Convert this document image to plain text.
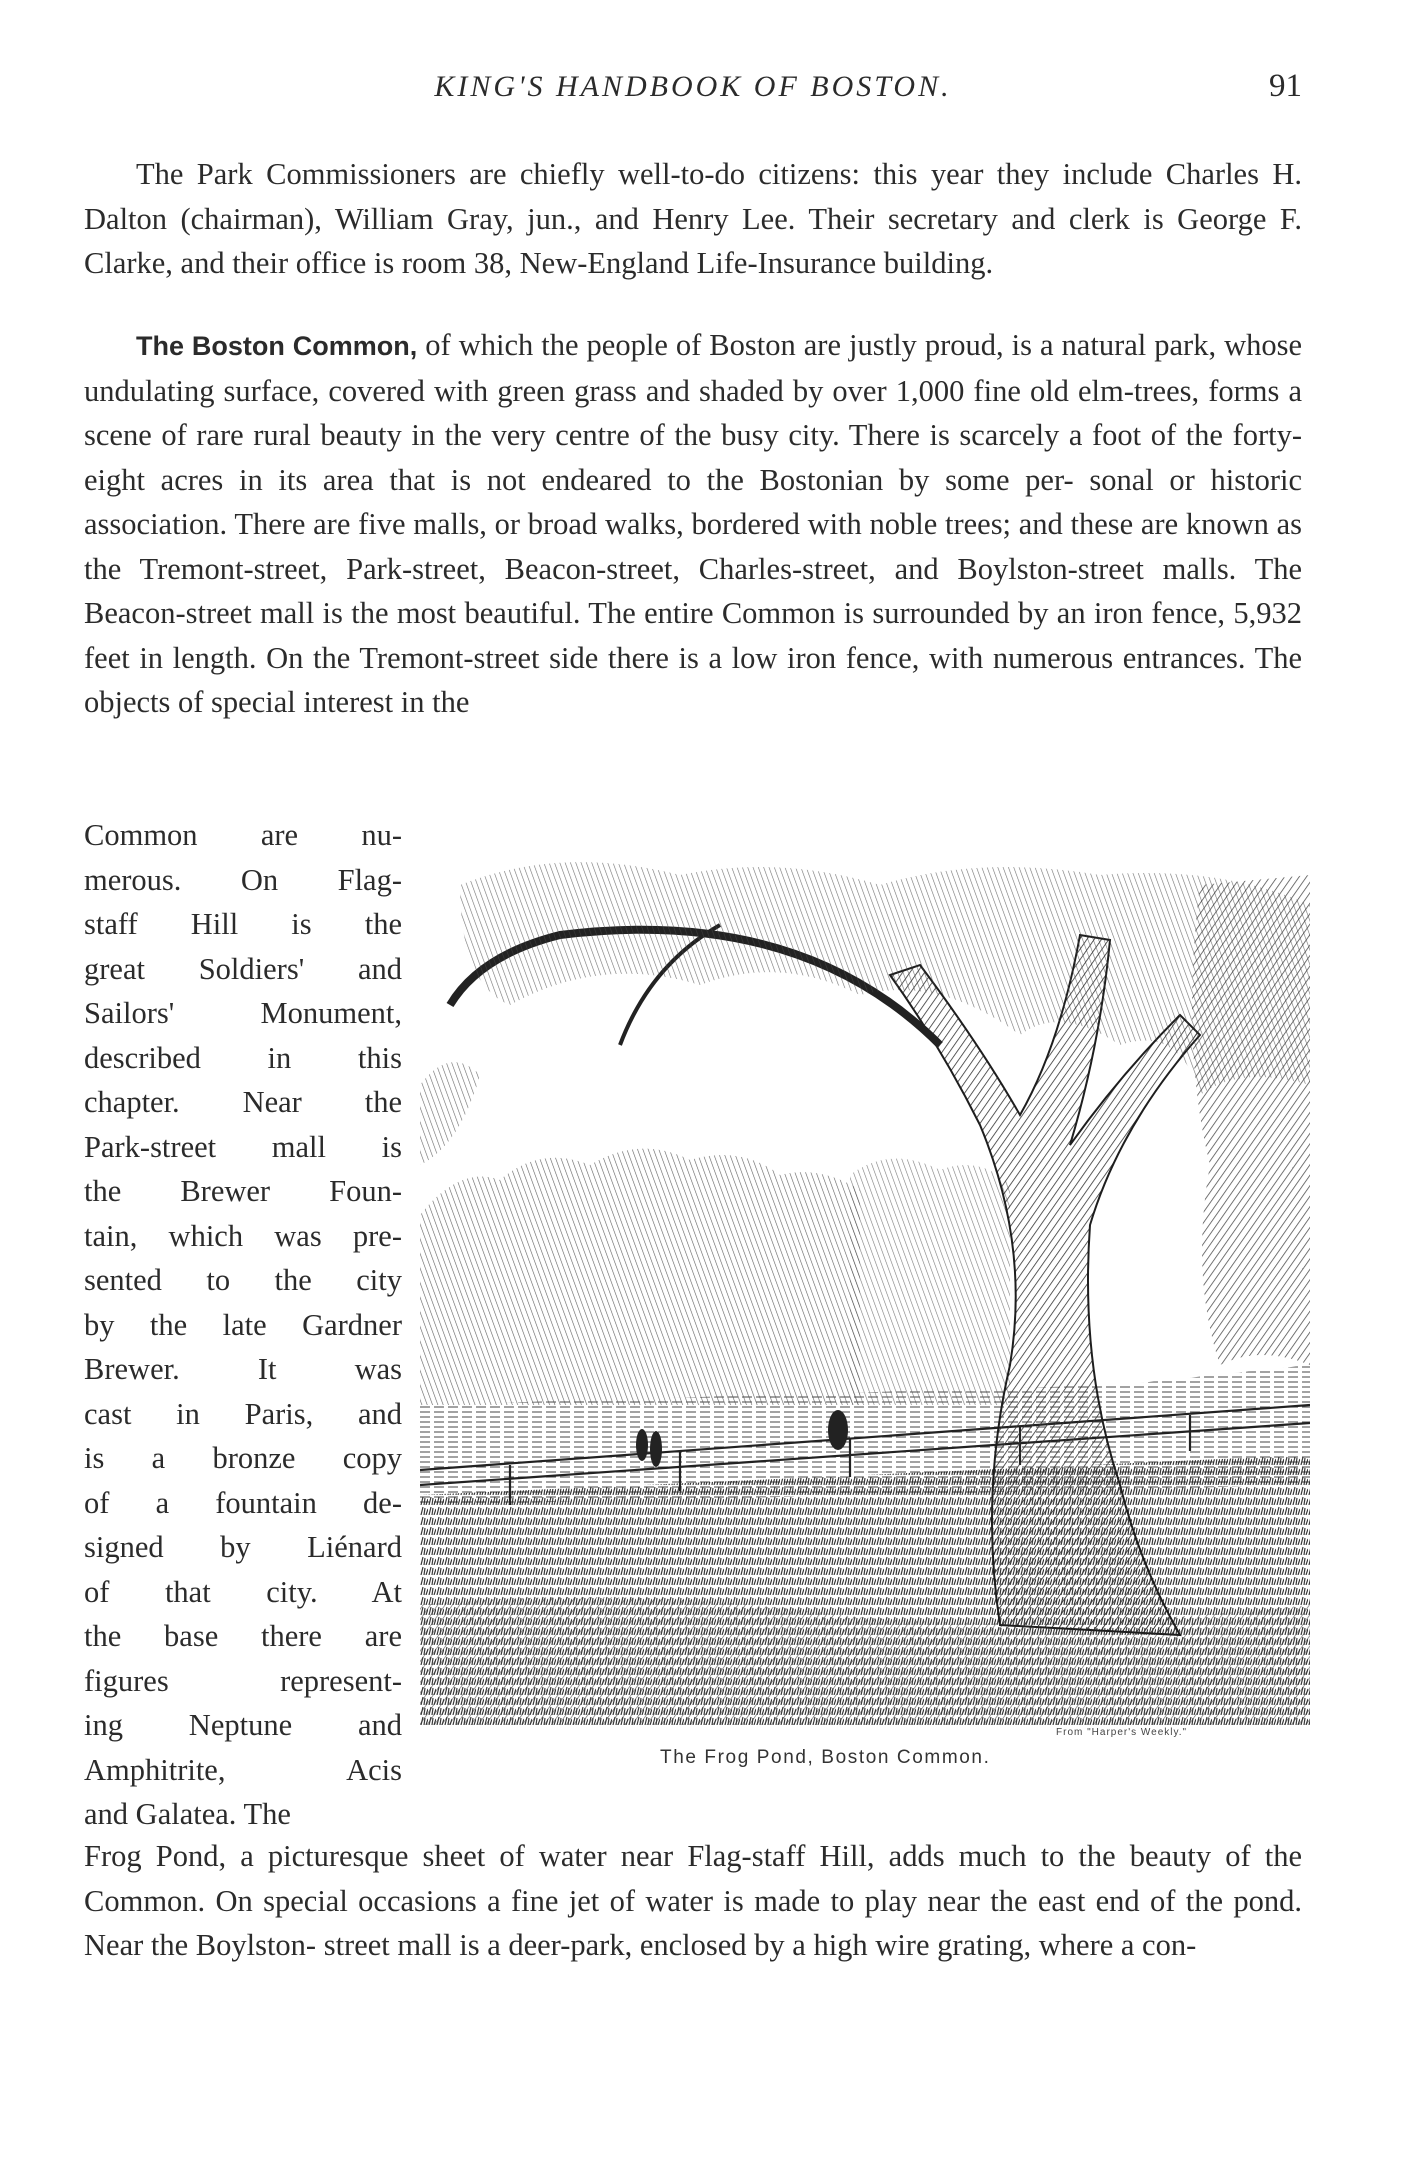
KING'S HANDBOOK OF BOSTON.	91
The Park Commissioners are chiefly well-to-do citizens: this year they include Charles H. Dalton (chairman), William Gray, jun., and Henry Lee. Their secretary and clerk is George F. Clarke, and their office is room 38, New-England Life-Insurance building.
The Boston Common, of which the people of Boston are justly proud, is a natural park, whose undulating surface, covered with green grass and shaded by over 1,000 fine old elm-trees, forms a scene of rare rural beauty in the very centre of the busy city. There is scarcely a foot of the forty- eight acres in its area that is not endeared to the Bostonian by some per- sonal or historic association. There are five malls, or broad walks, bordered with noble trees; and these are known as the Tremont-street, Park-street, Beacon-street, Charles-street, and Boylston-street malls. The Beacon-street mall is the most beautiful. The entire Common is surrounded by an iron fence, 5,932 feet in length. On the Tremont-street side there is a low iron fence, with numerous entrances. The objects of special interest in the
Common are nu-
merous. On Flag-
staff Hill is the
great Soldiers' and
Sailors' Monument,
described in this
chapter. Near the
Park-street mall is
the Brewer Foun-
tain, which was pre-
sented to the city
by the late Gardner
Brewer. It was
cast in Paris, and
is a bronze copy
of a fountain de-
signed by Liénard
of that city. At
the base there are
figures represent-
ing Neptune and
Amphitrite, Acis
and Galatea. The
From "Harper's Weekly."
The Frog Pond, Boston Common.
Frog Pond, a picturesque sheet of water near Flag-staff Hill, adds much to the beauty of the Common. On special occasions a fine jet of water is made to play near the east end of the pond. Near the Boylston- street mall is a deer-park, enclosed by a high wire grating, where a con-
